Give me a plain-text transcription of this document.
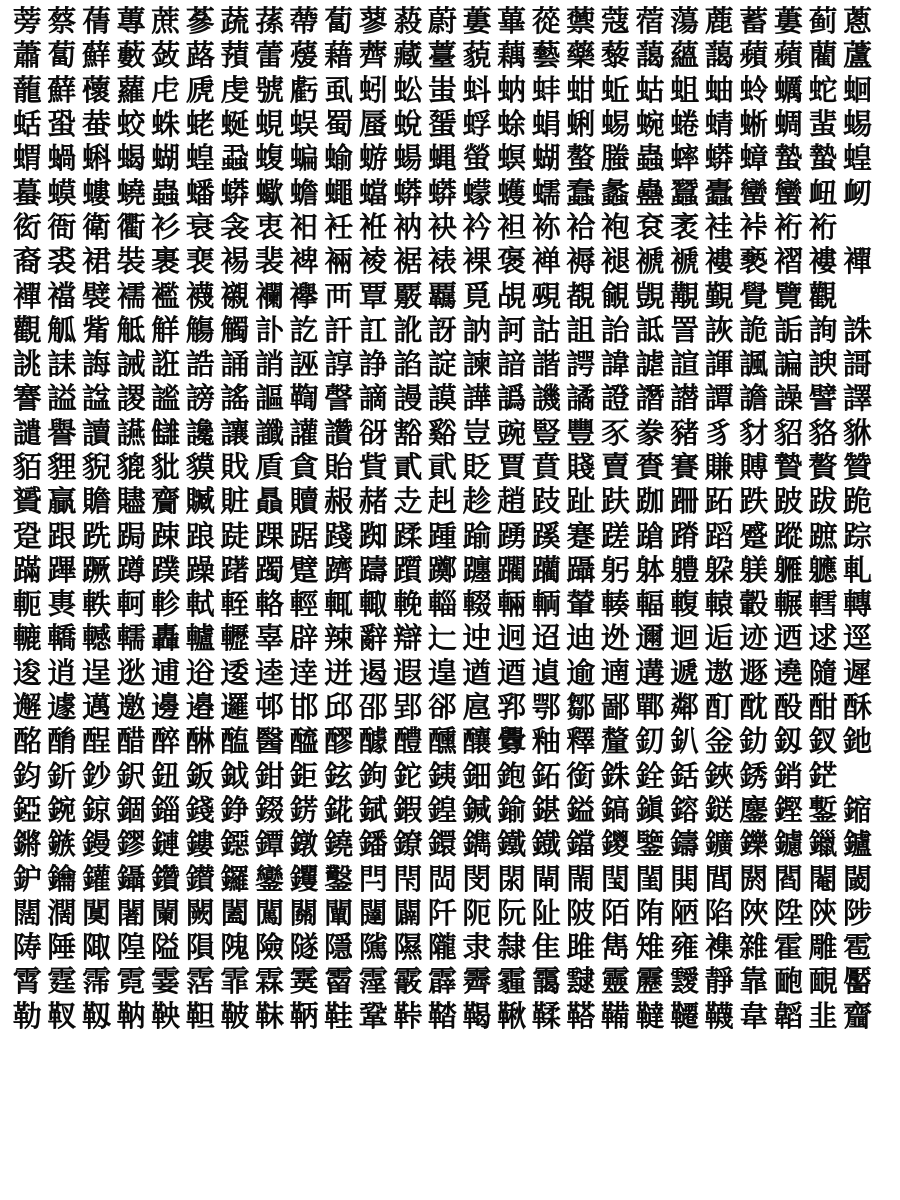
蒡 蔡 蒨 蓴 蔗 蔘 蔬 蓀 蔕 蔔 蓼 蔱 蔚 蔞 蓽 蓯 蘌 蔻 蓿 蕩 蔍 蓄 蔞 蓟 蔥
蕭 蔔 蘚 藪 蔹 蕗 蕷 蕾 蕿 藉 薺 藏 薹 藐 藕 藝 藥 藜 藹 蘊 藹 蘋 蘋 藺 蘆
蘢 蘚 蘹 蘿 虍 虒 虔 號 虧 虱 蚓 蚣 蚩 蚪 蚋 蚌 蚶 蚯 蛄 蛆 蚰 蛉 蠣 蛇 蛔
蛞 蛩 蛬 蛟 蛛 蛯 蜒 蜆 蜈 蜀 蜃 蛻 蜑 蜉 蜍 蜎 蜊 蜴 蜿 蜷 蜻 蜥 蜩 蜚 蜴
蝟 蝸 蝌 蝎 蝴 蝗 蝨 蝮 蝙 蝓 蝣 蝪 蝿 螢 螟 蝴 螯 螣 蟲 蟀 蟒 蟑 蟄 蟄 蝗
蟇 蟆 螻 蟯 蟲 蟠 蟒 蠍 蟾 蠅 蟷 蟒 蟒 蠓 蠖 蠕 蠢 蠡 蠱 蠶 蠹 蠻 蠻 衄 衂
衒 衙 衛 衢 衫 衰 衾 衷 衵 衽 袵 衲 袂 衿 袒 袮 袷 袍 袞 袤 袿 裃 裄 裄
裔 裘 裙 裝 裹 裵 裼 裴 裨 裲 裬 裾 裱 裸 褒 褝 褥 褪 褫 褫 褸 褻 褶 褸 襌
襌 襠 襞 襦 襤 襪 襯 襴 襷 襾 覃 覈 覊 覓 覘 覡 覩 覦 覬 覯 覲 覺 覽 觀
觀 觚 觜 觝 觧 觴 觸 訃 訖 訐 訌 訛 訝 訥 訶 詁 詛 詒 詆 詈 詼 詭 詬 詢 誅
誂 誄 誨 誡 誑 誥 誦 誚 誣 諄 諍 諂 諚 諫 諳 諧 諤 諱 謔 諠 諢 諷 諞 諛 謌
謇 謚 諡 謖 謐 謗 謠 謳 鞫 謦 謫 謾 謨 譁 譌 譏 譎 證 譖 譛 譚 譫 譟 譬 譯
譴 譽 讀 讌 讎 讒 讓 讖 讙 讚 谺 豁 谿 豈 豌 豎 豐 豕 豢 豬 豸 豺 貂 貉 貅
貊 貍 貎 貔 豼 貘 戝 貭 貪 貽 貲 貳 貮 貶 賈 賁 賤 賣 賚 賽 賺 賻 贄 贅 贊
贇 贏 贍 贐 齎 贓 賍 贔 贖 赧 赭 赱 赳 趁 趙 跂 趾 趺 跏 跚 跖 跌 跛 跋 跪
跫 跟 跣 跼 踈 踉 跿 踝 踞 踐 踟 蹂 踵 踰 踴 蹊 蹇 蹉 蹌 蹐 蹈 蹙 蹤 蹠 踪
蹣 蹕 蹶 蹲 蹼 躁 躇 躅 躄 躋 躊 躓 躑 躔 躙 躪 躡 躬 躰 軆 躱 躾 軅 軈 軋
軛 軣 軼 軻 軫 軾 輊 輅 輕 輒 輙 輓 輜 輟 輛 輌 輦 輳 輻 輹 轅 轂 輾 轌 轉
轆 轎 轗 轜 轟 轤 轣 辜 辟 辣 辭 辯 辷 迚 迥 迢 迪 迯 邇 迴 逅 迹 迺 逑 逕
逡 逍 逞 逖 逋 逧 逶 逵 逹 迸 遏 遐 遑 遒 逎 遉 逾 遖 遘 遞 遨 遯 遶 隨 遲
邂 遽 邁 邀 邊 邉 邏 邨 邯 邱 邵 郢 郤 扈 郛 鄂 鄒 鄙 鄲 鄰 酊 酖 酘 酣 酥
酩 酳 酲 醋 醉 醂 醢 醫 醯 醪 醵 醴 醺 釀 釁 釉 釋 釐 釖 釟 釡 釛 釼 釵 釶
鈞 釿 鈔 鈬 鈕 鈑 鉞 鉗 鉅 鉉 鉤 鉈 銕 鈿 鉋 鉐 銜 銖 銓 銛 鋏 銹 銷 鋩
錏 鋺 鍄 錮 錙 錢 錚 錣 錺 錵 錻 鍜 鍠 鍼 鍮 鍖 鎰 鎬 鎭 鎔 鎹 鏖 鏗 鏨 鏥
鏘 鏃 鏝 鏐 鏈 鏤 鐚 鐔 鐓 鐃 鐇 鐐 鐶 鐫 鐵 鐡 鐺 鑁 鑒 鑄 鑛 鑠 鑢 鑞 鑪
鈩 鑰 鑵 鑷 鑽 鑚 鑼 鑾 钁 鑿 閂 閇 閊 閔 閖 閘 閙 閠 閨 閧 閭 閼 閻 閹 閾
闊 濶 闃 闍 闌 闕 闔 闖 關 闡 闥 闢 阡 阨 阮 阯 陂 陌 陏 陋 陷 陜 陞 陝 陟
陦 陲 陬 隍 隘 隕 隗 險 隧 隱 隲 隰 隴 隶 隸 隹 雎 雋 雉 雍 襍 雜 霍 雕 雹
霄 霆 霈 霓 霎 霑 霏 霖 霙 霤 霪 霰 霹 霽 霾 靄 靆 靈 靂 靉 靜 靠 靤 靦 靨
勒 靫 靱 靹 鞅 靼 鞁 靺 鞆 鞋 鞏 鞐 鞜 鞨 鞦 鞣 鞳 鞴 韃 韆 韈 韋 韜 韭 齏
